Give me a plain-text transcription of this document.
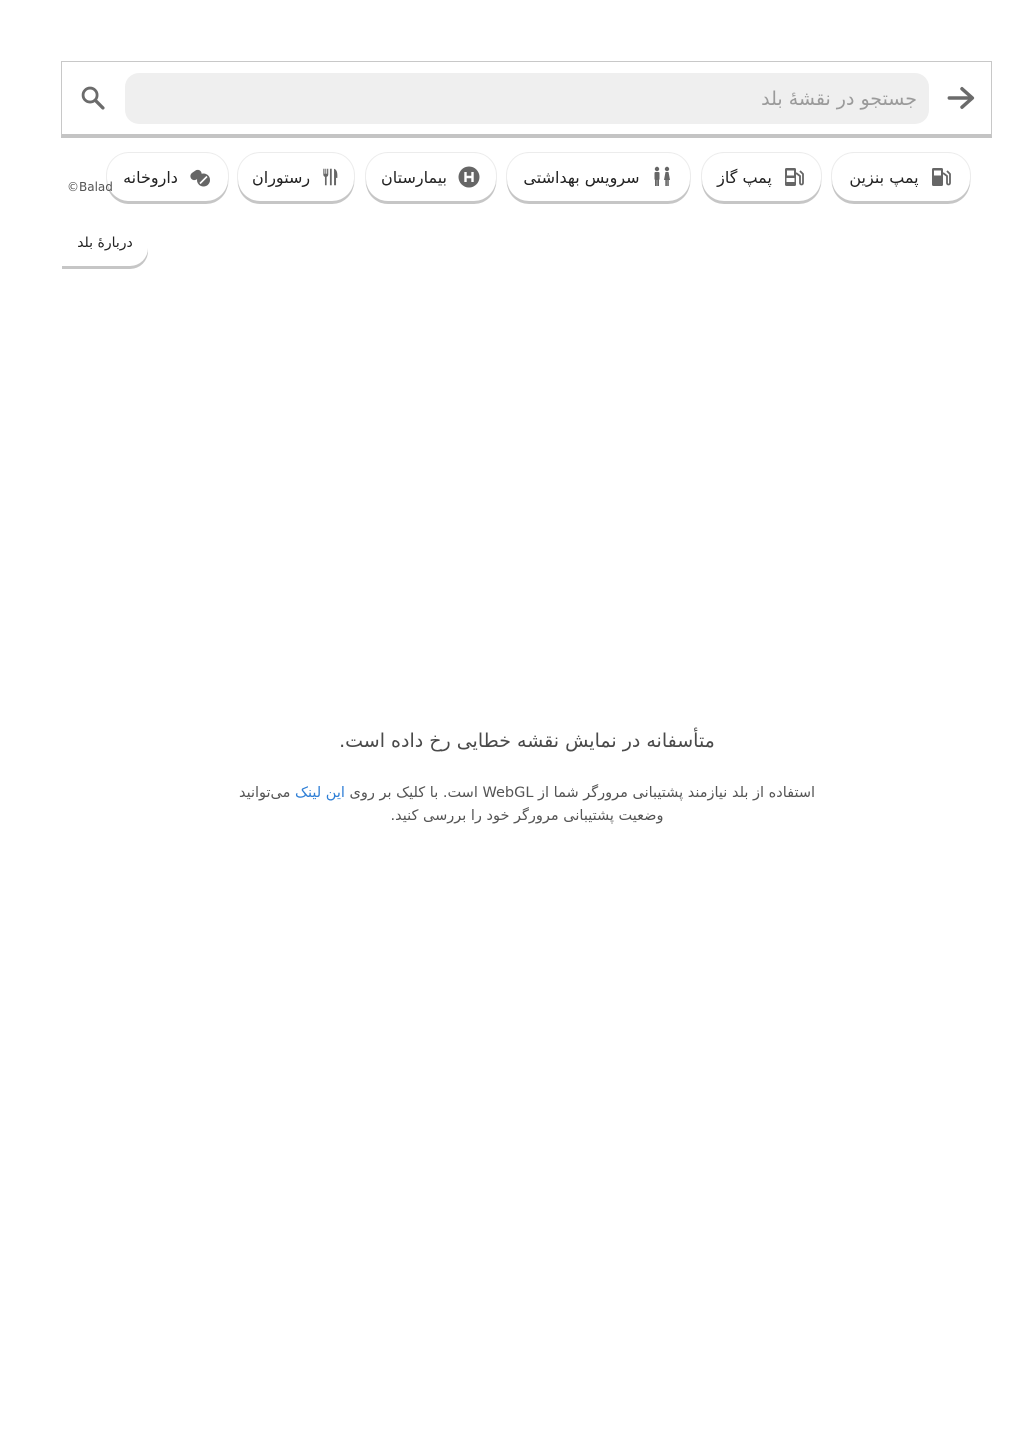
جستجو در نقشهٔ بلد
پمپ بنزین
پمپ گاز
سرویس بهداشتی
بیمارستان
رستوران
داروخانه
©Balad
دربارهٔ بلد
متأسفانه در نمایش نقشه خطایی رخ داده است.
استفاده از بلد نیازمند پشتیبانی مرورگر شما از WebGL است. با کلیک بر روی این لینک می‌توانید وضعیت پشتیبانی مرورگر خود را بررسی کنید.
